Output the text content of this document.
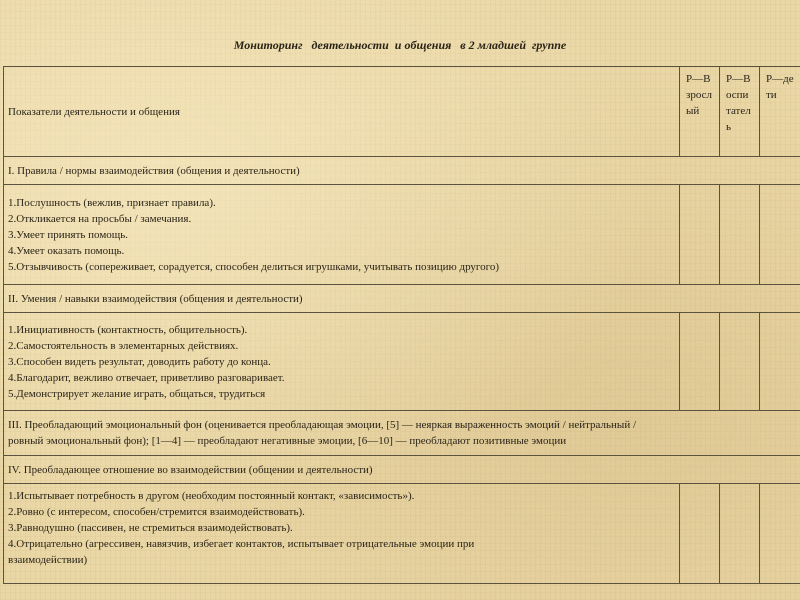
Мониторинг   деятельности  и общения   в 2 младшей  группе
Показатели деятельности и общения	Р—Взрослый	Р—Воспитатель	Р—дети
I. Правила / нормы взаимодействия (общения и деятельности)			

1.Послушность (вежлив, признает правила).
2.Откликается на просьбы / замечания.
3.Умеет принять помощь.
4.Умеет оказать помощь.
5.Отзывчивость (сопереживает, сорадуется, способен делиться игрушками, учитывать позицию другого)			

II. Умения / навыки взаимодействия (общения и деятельности)			

1.Инициативность (контактность, общительность).
2.Самостоятельность в элементарных действиях.
3.Способен видеть результат, доводить работу до конца.
4.Благодарит, вежливо отвечает, приветливо разговаривает.
5.Демонстрирует желание играть, общаться, трудиться			

III. Преобладающий эмоциональный фон (оценивается преобладающая эмоции, [5] — неяркая выраженность эмоций / нейтральный /
ровный эмоциональный фон); [1—4] — преобладают негативные эмоции, [6—10] — преобладают позитивные эмоции			

IV. Преобладающее отношение во взаимодействии (общении и деятельности)			

1.Испытывает потребность в другом (необходим постоянный контакт, «зависимость»).
2.Ровно (с интересом, способен/стремится взаимодействовать).
3.Равнодушно (пассивен, не стремиться взаимодействовать).
4.Отрицательно (агрессивен, навязчив, избегает контактов, испытывает отрицательные эмоции при
взаимодействии)			
